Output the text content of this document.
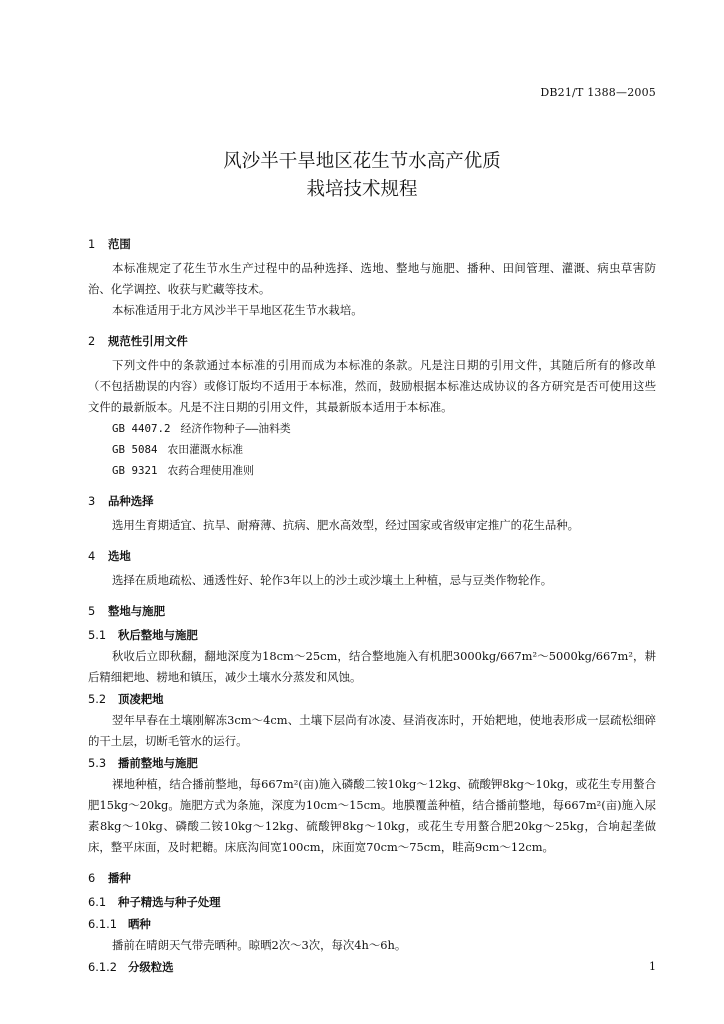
DB21/T 1388—2005
风沙半干旱地区花生节水高产优质
栽培技术规程
1 范围
本标准规定了花生节水生产过程中的品种选择、选地、整地与施肥、播种、田间管理、灌溉、病虫草害防治、化学调控、收获与贮藏等技术。
本标准适用于北方风沙半干旱地区花生节水栽培。
2 规范性引用文件
下列文件中的条款通过本标准的引用而成为本标准的条款。凡是注日期的引用文件，其随后所有的修改单（不包括勘误的内容）或修订版均不适用于本标准，然而，鼓励根据本标准达成协议的各方研究是否可使用这些文件的最新版本。凡是不注日期的引用文件，其最新版本适用于本标准。
GB 4407.2 经济作物种子——油料类
GB 5084 农田灌溉水标准
GB 9321 农药合理使用准则
3 品种选择
选用生育期适宜、抗旱、耐瘠薄、抗病、肥水高效型，经过国家或省级审定推广的花生品种。
4 选地
选择在质地疏松、通透性好、轮作3年以上的沙土或沙壤土上种植，忌与豆类作物轮作。
5 整地与施肥
5.1 秋后整地与施肥
秋收后立即秋翻，翻地深度为18cm～25cm，结合整地施入有机肥3000kg/667m²～5000kg/667m²，耕后精细耙地、耢地和镇压，减少土壤水分蒸发和风蚀。
5.2 顶凌耙地
翌年早春在土壤刚解冻3cm～4cm、土壤下层尚有冰凌、昼消夜冻时，开始耙地，使地表形成一层疏松细碎的干土层，切断毛管水的运行。
5.3 播前整地与施肥
裸地种植，结合播前整地，每667m²(亩)施入磷酸二铵10kg～12kg、硫酸钾8kg～10kg，或花生专用螯合肥15kg～20kg。施肥方式为条施，深度为10cm～15cm。地膜覆盖种植，结合播前整地，每667m²(亩)施入尿素8kg～10kg、磷酸二铵10kg～12kg、硫酸钾8kg～10kg，或花生专用螯合肥20kg～25kg，合垧起垄做床，整平床面，及时耙耱。床底沟间宽100cm，床面宽70cm～75cm，畦高9cm～12cm。
6 播种
6.1 种子精选与种子处理
6.1.1 晒种
播前在晴朗天气带壳晒种。晾晒2次～3次，每次4h～6h。
6.1.2 分级粒选	1
